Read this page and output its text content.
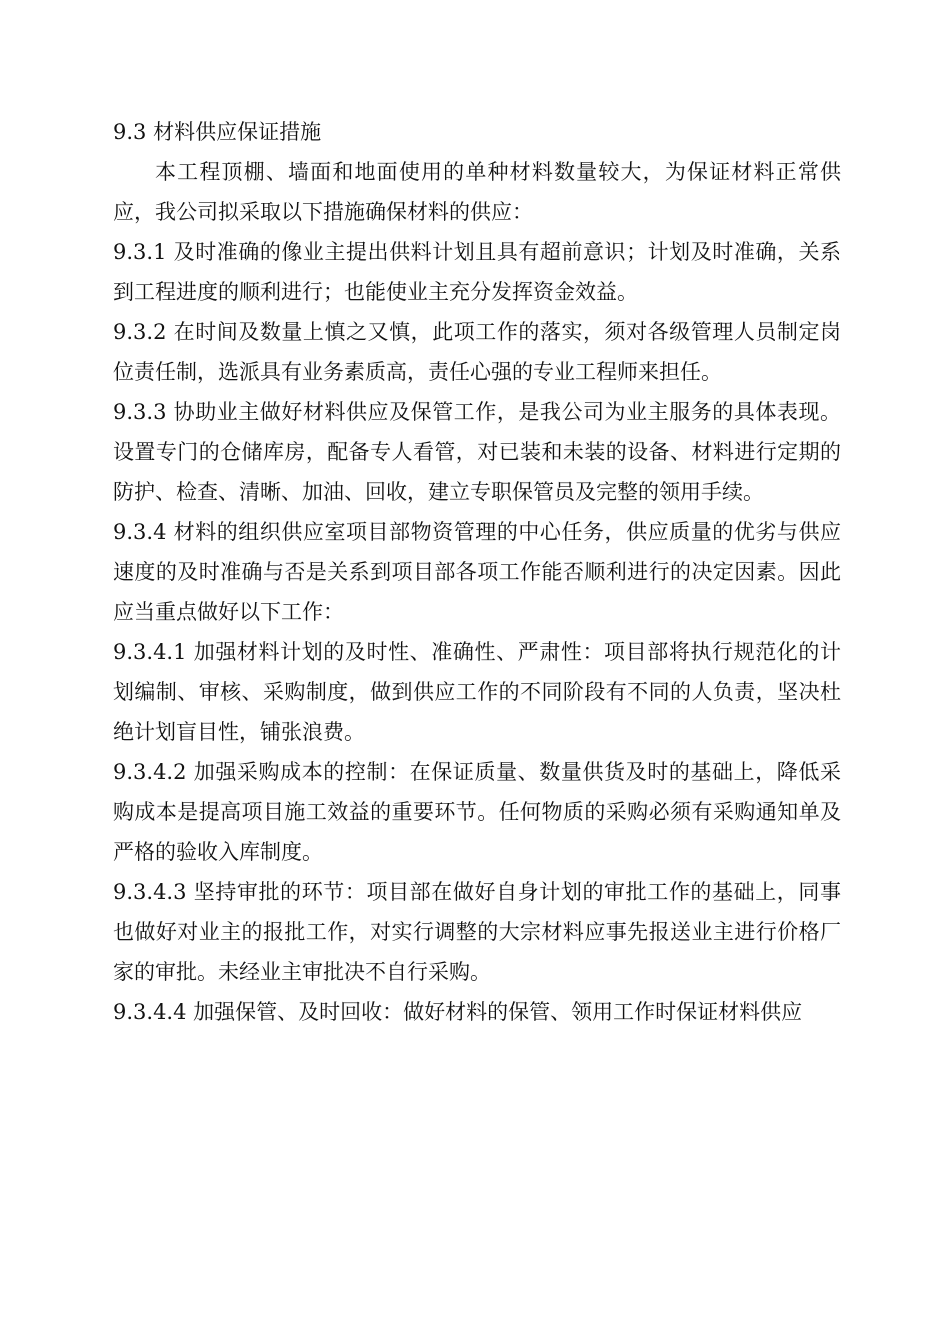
9.3 材料供应保证措施

本工程顶棚、墙面和地面使用的单种材料数量较大，为保证材料正常供应，我公司拟采取以下措施确保材料的供应：

9.3.1 及时准确的像业主提出供料计划且具有超前意识；计划及时准确，关系到工程进度的顺利进行；也能使业主充分发挥资金效益。

9.3.2 在时间及数量上慎之又慎，此项工作的落实，须对各级管理人员制定岗位责任制，选派具有业务素质高，责任心强的专业工程师来担任。

9.3.3 协助业主做好材料供应及保管工作，是我公司为业主服务的具体表现。设置专门的仓储库房，配备专人看管，对已装和未装的设备、材料进行定期的防护、检查、清晰、加油、回收，建立专职保管员及完整的领用手续。

9.3.4 材料的组织供应室项目部物资管理的中心任务，供应质量的优劣与供应速度的及时准确与否是关系到项目部各项工作能否顺利进行的决定因素。因此应当重点做好以下工作：

9.3.4.1 加强材料计划的及时性、准确性、严肃性：项目部将执行规范化的计划编制、审核、采购制度，做到供应工作的不同阶段有不同的人负责，坚决杜绝计划盲目性，铺张浪费。

9.3.4.2 加强采购成本的控制：在保证质量、数量供货及时的基础上，降低采购成本是提高项目施工效益的重要环节。任何物质的采购必须有采购通知单及严格的验收入库制度。

9.3.4.3 坚持审批的环节：项目部在做好自身计划的审批工作的基础上，同事也做好对业主的报批工作，对实行调整的大宗材料应事先报送业主进行价格厂家的审批。未经业主审批决不自行采购。

9.3.4.4 加强保管、及时回收：做好材料的保管、领用工作时保证材料供应
